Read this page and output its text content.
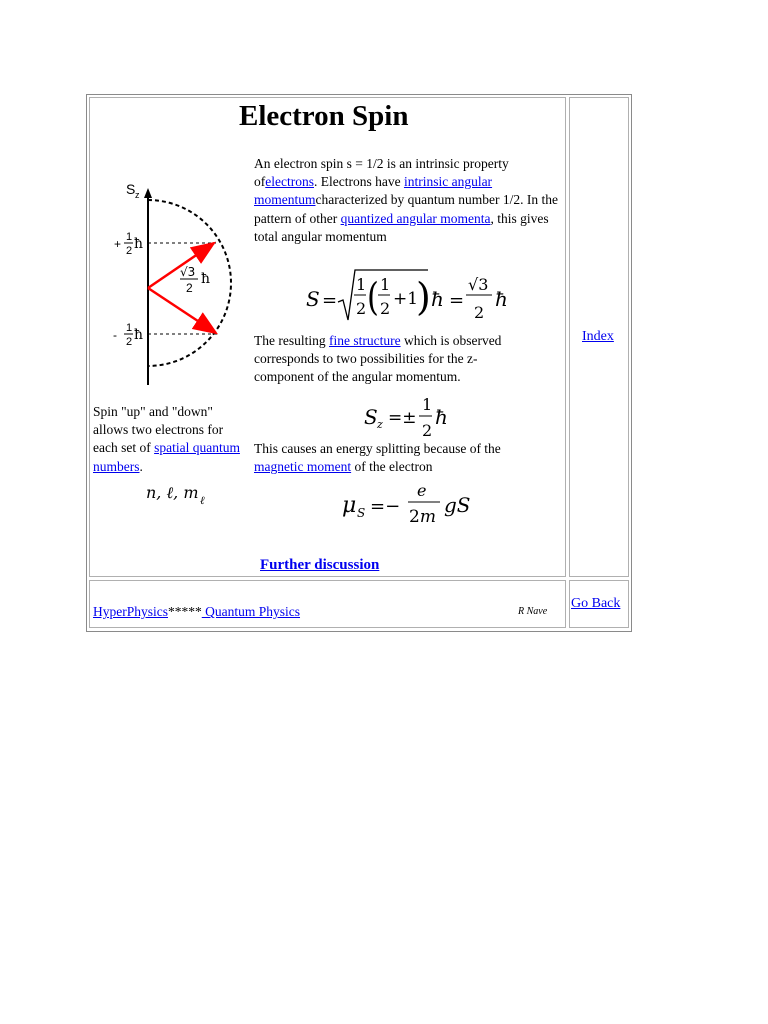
Electron Spin
S z
+ 1
2 ħ
√3
2
ħ
- 1
2 ħ
An electron spin s = 1/2 is an intrinsic property ofelectrons. Electrons have intrinsic angular momentumcharacterized by quantum number 1/2. In the pattern of other quantized angular momenta, this gives total angular momentum
S =
1
2 ( 1
2 +1
) ħ =
√3
2
ħ
The resulting fine structure which is observed corresponds to two possibilities for the z-component of the angular momentum.
S z =±
1
2
ħ
This causes an energy splitting because of the magnetic moment of the electron
μ S =−
e
2m gS
Spin "up" and "down" allows two electrons for each set of spatial quantum numbers.
n, ℓ, m ℓ
Further discussion
Index
Go Back
HyperPhysics***** Quantum Physics	R Nave
